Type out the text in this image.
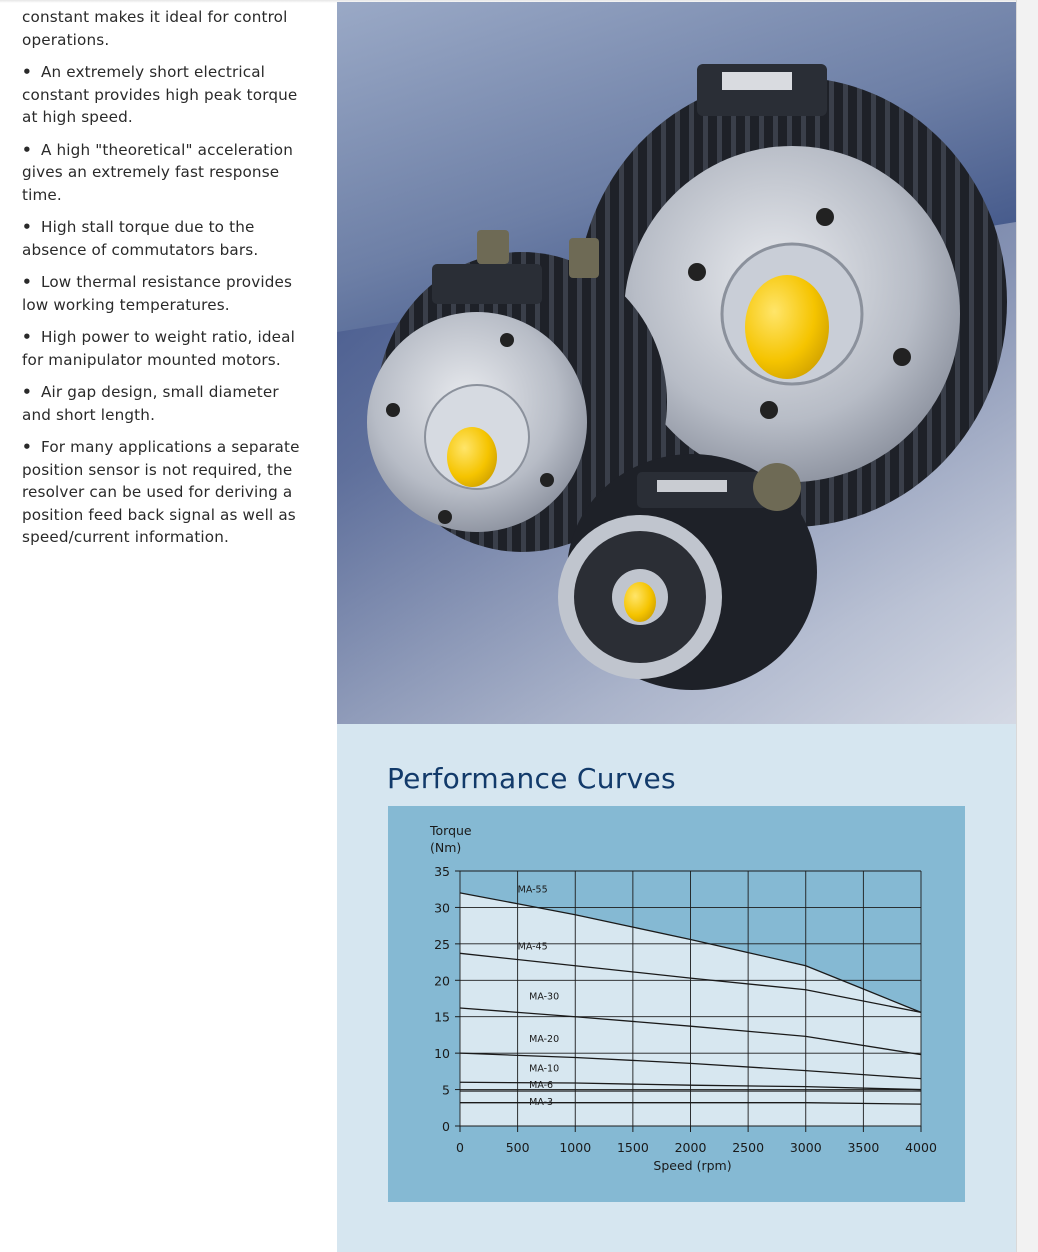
constant makes it ideal for control operations.

• An extremely short electrical constant provides high peak torque at high speed.

• A high "theoretical" acceleration gives an extremely fast response time.

• High stall torque due to the absence of commutators bars.

• Low thermal resistance provides low working temperatures.

• High power to weight ratio, ideal for manipulator mounted motors.

• Air gap design, small diameter and short length.

• For many applications a separate position sensor is not required, the resolver can be used for deriving a position feed back signal as well as speed/current information.

Performance Curves
MA-55
MA-45
MA-30
MA-20
MA-10
MA-6
MA-3
0
5
10
15
20
25
30
35
0	500 1000 1500 2000 2500 3000 3500 4000
Torque
(Nm)
Speed (rpm)
